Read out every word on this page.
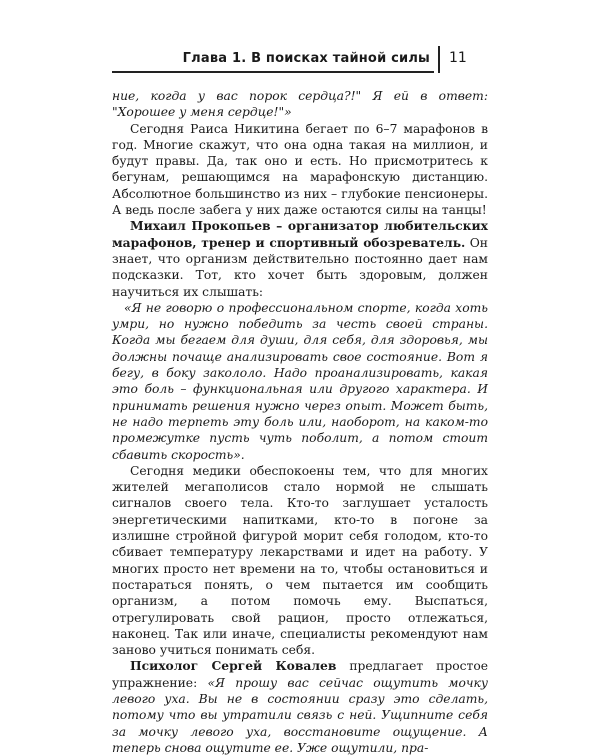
Глава 1. В поисках тайной силы 11

ние, когда у вас порок сердца?!" Я ей в ответ: "Хорошее у меня сердце!"»

Сегодня Раиса Никитина бегает по 6–7 марафонов в год. Многие скажут, что она одна такая на миллион, и будут правы. Да, так оно и есть. Но присмотритесь к бегунам, решающимся на марафонскую дистанцию. Абсолютное большинство из них – глубокие пенсионеры. А ведь после забега у них даже остаются силы на танцы!

Михаил Прокопьев – организатор любительских марафонов, тренер и спортивный обозреватель. Он знает, что организм действительно постоянно дает нам подсказки. Тот, кто хочет быть здоровым, должен научиться их слышать:

«Я не говорю о профессиональном спорте, когда хоть умри, но нужно победить за честь своей страны. Когда мы бегаем для души, для себя, для здоровья, мы должны почаще анализировать свое состояние. Вот я бегу, в боку закололо. Надо проанализировать, какая это боль – функциональная или другого характера. И принимать решения нужно через опыт. Может быть, не надо терпеть эту боль или, наоборот, на каком-то промежутке пусть чуть поболит, а потом стоит сбавить скорость».

Сегодня медики обеспокоены тем, что для многих жителей мегаполисов стало нормой не слышать сигналов своего тела. Кто-то заглушает усталость энергетическими напитками, кто-то в погоне за излишне стройной фигурой морит себя голодом, кто-то сбивает температуру лекарствами и идет на работу. У многих просто нет времени на то, чтобы остановиться и постараться понять, о чем пытается им сообщить организм, а потом помочь ему. Выспаться, отрегулировать свой рацион, просто отлежаться, наконец. Так или иначе, специалисты рекомендуют нам заново учиться понимать себя.

Психолог Сергей Ковалев предлагает простое упражнение: «Я прошу вас сейчас ощутить мочку левого уха. Вы не в состоянии сразу это сделать, потому что вы утратили связь с ней. Ущипните себя за мочку левого уха, восстановите ощущение. А теперь снова ощутите ее. Уже ощутили, пра-
